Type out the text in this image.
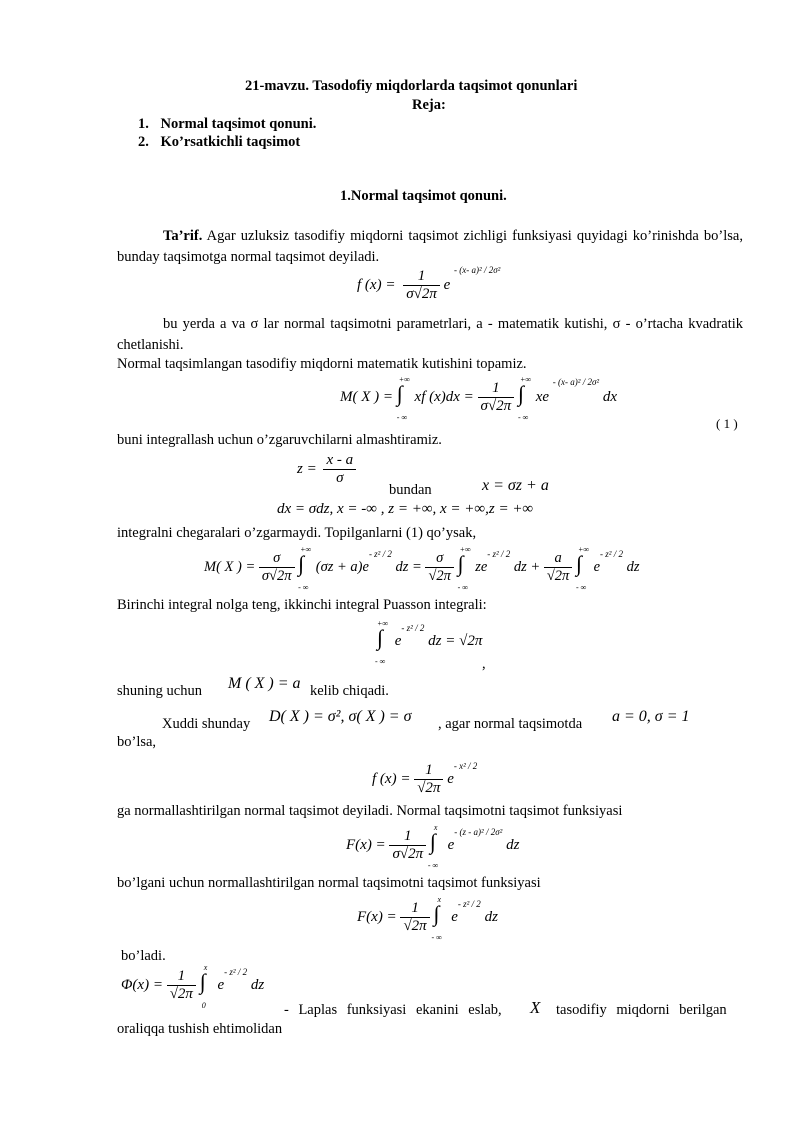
21-mavzu. Tasodofiy miqdorlarda taqsimot qonunlari
Reja:
1. Normal taqsimot qonuni.
2. Ko’rsatkichli taqsimot
1.Normal taqsimot qonuni.
Ta’rif. Agar uzluksiz tasodifiy miqdorni taqsimot zichligi funksiyasi quyidagi ko’rinishda bo’lsa, bunday taqsimotga normal taqsimot deyiladi.
f $(x) = \frac{1}{\sigma√2\pi}$ e $^{- (x- a)^2 / 2\sigma^2}$
bu yerda a va σ lar normal taqsimotni parametrlari, a - matematik kutishi, σ - o’rtacha kvadratik chetlanishi.
Normal taqsimlangan tasodifiy miqdorni matematik kutishini topamiz.
M( X ) = ∫
+∞
- ∞
xf $(x)dx = \frac{1}{\sigma√2\pi}$ ∫
+∞
- ∞
xe $^{- (x- a)^2 / 2\sigma^2}$ dx
( 1 )
buni integrallash uchun o’zgaruvchilarni almashtiramiz.
$z = \frac{x - a}{\sigma}$
bundan	x = σz + a
dx = σdz, x = -∞ , z = +∞, x = +∞,z = +∞
integralni chegaralari o’zgarmaydi. Topilganlarni (1) qo’ysak,
M( X ) = $\frac{\sigma}{\sigma√2\pi}$ ∫
+∞
- ∞
$(\sigma z + a)e^{- z^2 / 2}$ dz = $\frac{\sigma}{√2\pi}$ ∫
+∞
- ∞
$ze^{- z^2 / 2}$ dz + $\frac{a}{√2\pi}$ ∫
+∞
- ∞
$e^{- z^2 / 2}$ dz
Birinchi integral nolga teng, ikkinchi integral Puasson integrali:
∫
+∞
- ∞
$e^{- z^2 / 2}$ dz = √2π
,
shuning uchun M ( X ) = a kelib chiqadi.
Xuddi shunday D( X ) = σ², σ( X ) = σ , agar normal taqsimotda a = 0, σ = 1
bo’lsa,
f $(x) = \frac{1}{√2\pi} e^{- x^2 / 2}$
ga normallashtirilgan normal taqsimot deyiladi. Normal taqsimotni taqsimot funksiyasi
$F(x) = \frac{1}{\sigma√2\pi}$ ∫
x
- ∞
$e^{- (z - a)^2 / 2\sigma^2}$ dz
bo’lgani uchun normallashtirilgan normal taqsimotni taqsimot funksiyasi
$F(x) = \frac{1}{√2\pi}$ ∫
x
- ∞
$e^{- z^2 / 2}$ dz
bo’ladi.
$\Phi(x) = \frac{1}{√2\pi}$ ∫
x
0
$e^{- z^2 / 2}$ dz
- Laplas funksiyasi ekanini eslab, X tasodifiy miqdorni berilgan
oraliqqa tushish ehtimolidan
